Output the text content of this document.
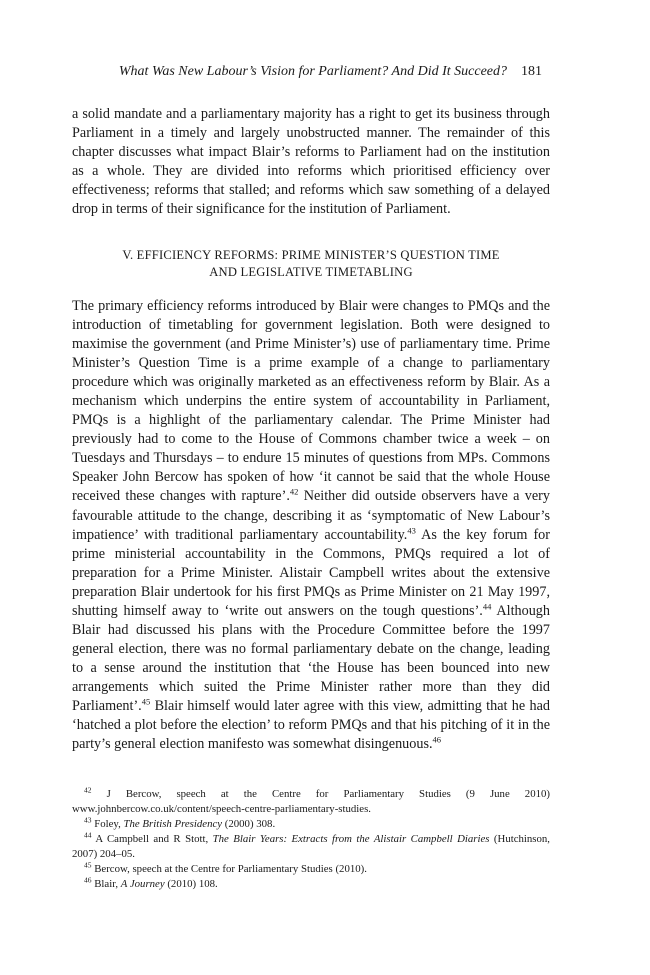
What Was New Labour’s Vision for Parliament? And Did It Succeed? 181

a solid mandate and a parliamentary majority has a right to get its business through Parliament in a timely and largely unobstructed manner. The remainder of this chapter discusses what impact Blair’s reforms to Parliament had on the institution as a whole. They are divided into reforms which prioritised efficiency over effectiveness; reforms that stalled; and reforms which saw something of a delayed drop in terms of their significance for the institution of Parliament.

V. EFFICIENCY REFORMS: PRIME MINISTER’S QUESTION TIME
AND LEGISLATIVE TIMETABLING

The primary efficiency reforms introduced by Blair were changes to PMQs and the introduction of timetabling for government legislation. Both were designed to maximise the government (and Prime Minister’s) use of parliamentary time. Prime Minister’s Question Time is a prime example of a change to parliamentary procedure which was originally marketed as an effectiveness reform by Blair. As a mechanism which underpins the entire system of accountability in Parliament, PMQs is a highlight of the parliamentary calendar. The Prime Minister had previously had to come to the House of Commons chamber twice a week – on Tuesdays and Thursdays – to endure 15 minutes of questions from MPs. Commons Speaker John Bercow has spoken of how ‘it cannot be said that the whole House received these changes with rapture’.$^{42}$ Neither did outside observers have a very favourable attitude to the change, describing it as ‘symptomatic of New Labour’s impatience’ with traditional parliamentary accountability.$^{43}$ As the key forum for prime ministerial accountability in the Commons, PMQs required a lot of preparation for a Prime Minister. Alistair Campbell writes about the extensive preparation Blair undertook for his first PMQs as Prime Minister on 21 May 1997, shutting himself away to ‘write out answers on the tough questions’.$^{44}$ Although Blair had discussed his plans with the Procedure Committee before the 1997 general election, there was no formal parliamentary debate on the change, leading to a sense around the institution that ‘the House has been bounced into new arrangements which suited the Prime Minister rather more than they did Parliament’.$^{45}$ Blair himself would later agree with this view, admitting that he had ‘hatched a plot before the election’ to reform PMQs and that his pitching of it in the party’s general election manifesto was somewhat disingenuous.$^{46}$

$^{42}$ J Bercow, speech at the Centre for Parliamentary Studies (9 June 2010) www.johnbercow.co.uk/content/speech-centre-parliamentary-studies.

$^{43}$ Foley, The British Presidency (2000) 308.

$^{44}$ A Campbell and R Stott, The Blair Years: Extracts from the Alistair Campbell Diaries (Hutchinson, 2007) 204–05.

$^{45}$ Bercow, speech at the Centre for Parliamentary Studies (2010).

$^{46}$ Blair, A Journey (2010) 108.
